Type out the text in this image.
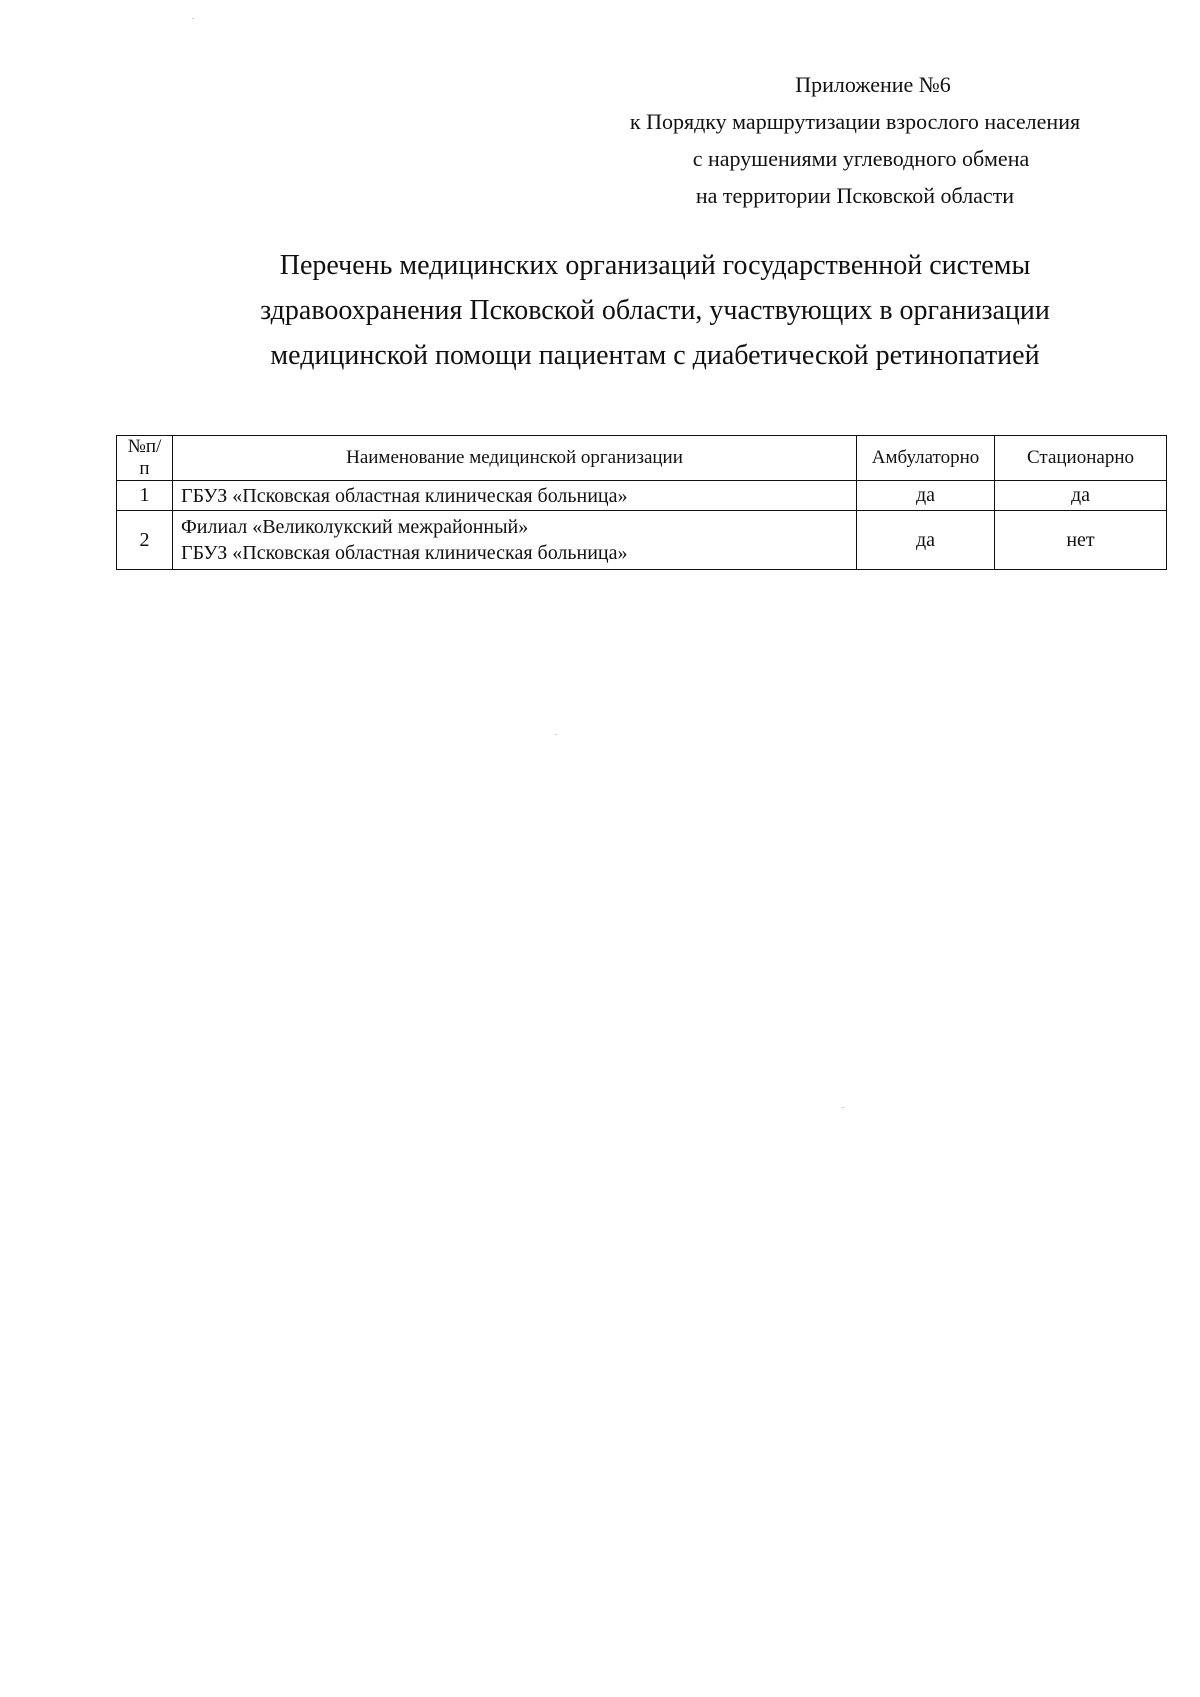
Приложение №6
к Порядку маршрутизации взрослого населения
с нарушениями углеводного обмена
на территории Псковской области
Перечень медицинских организаций государственной системы
здравоохранения Псковской области, участвующих в организации
медицинской помощи пациентам с диабетической ретинопатией
№п/п	Наименование медицинской организации	Амбулаторно	Стационарно
1	ГБУЗ «Псковская областная клиническая больница»	да	да
2	Филиал «Великолукский межрайонный»
ГБУЗ «Псковская областная клиническая больница»	да	нет
